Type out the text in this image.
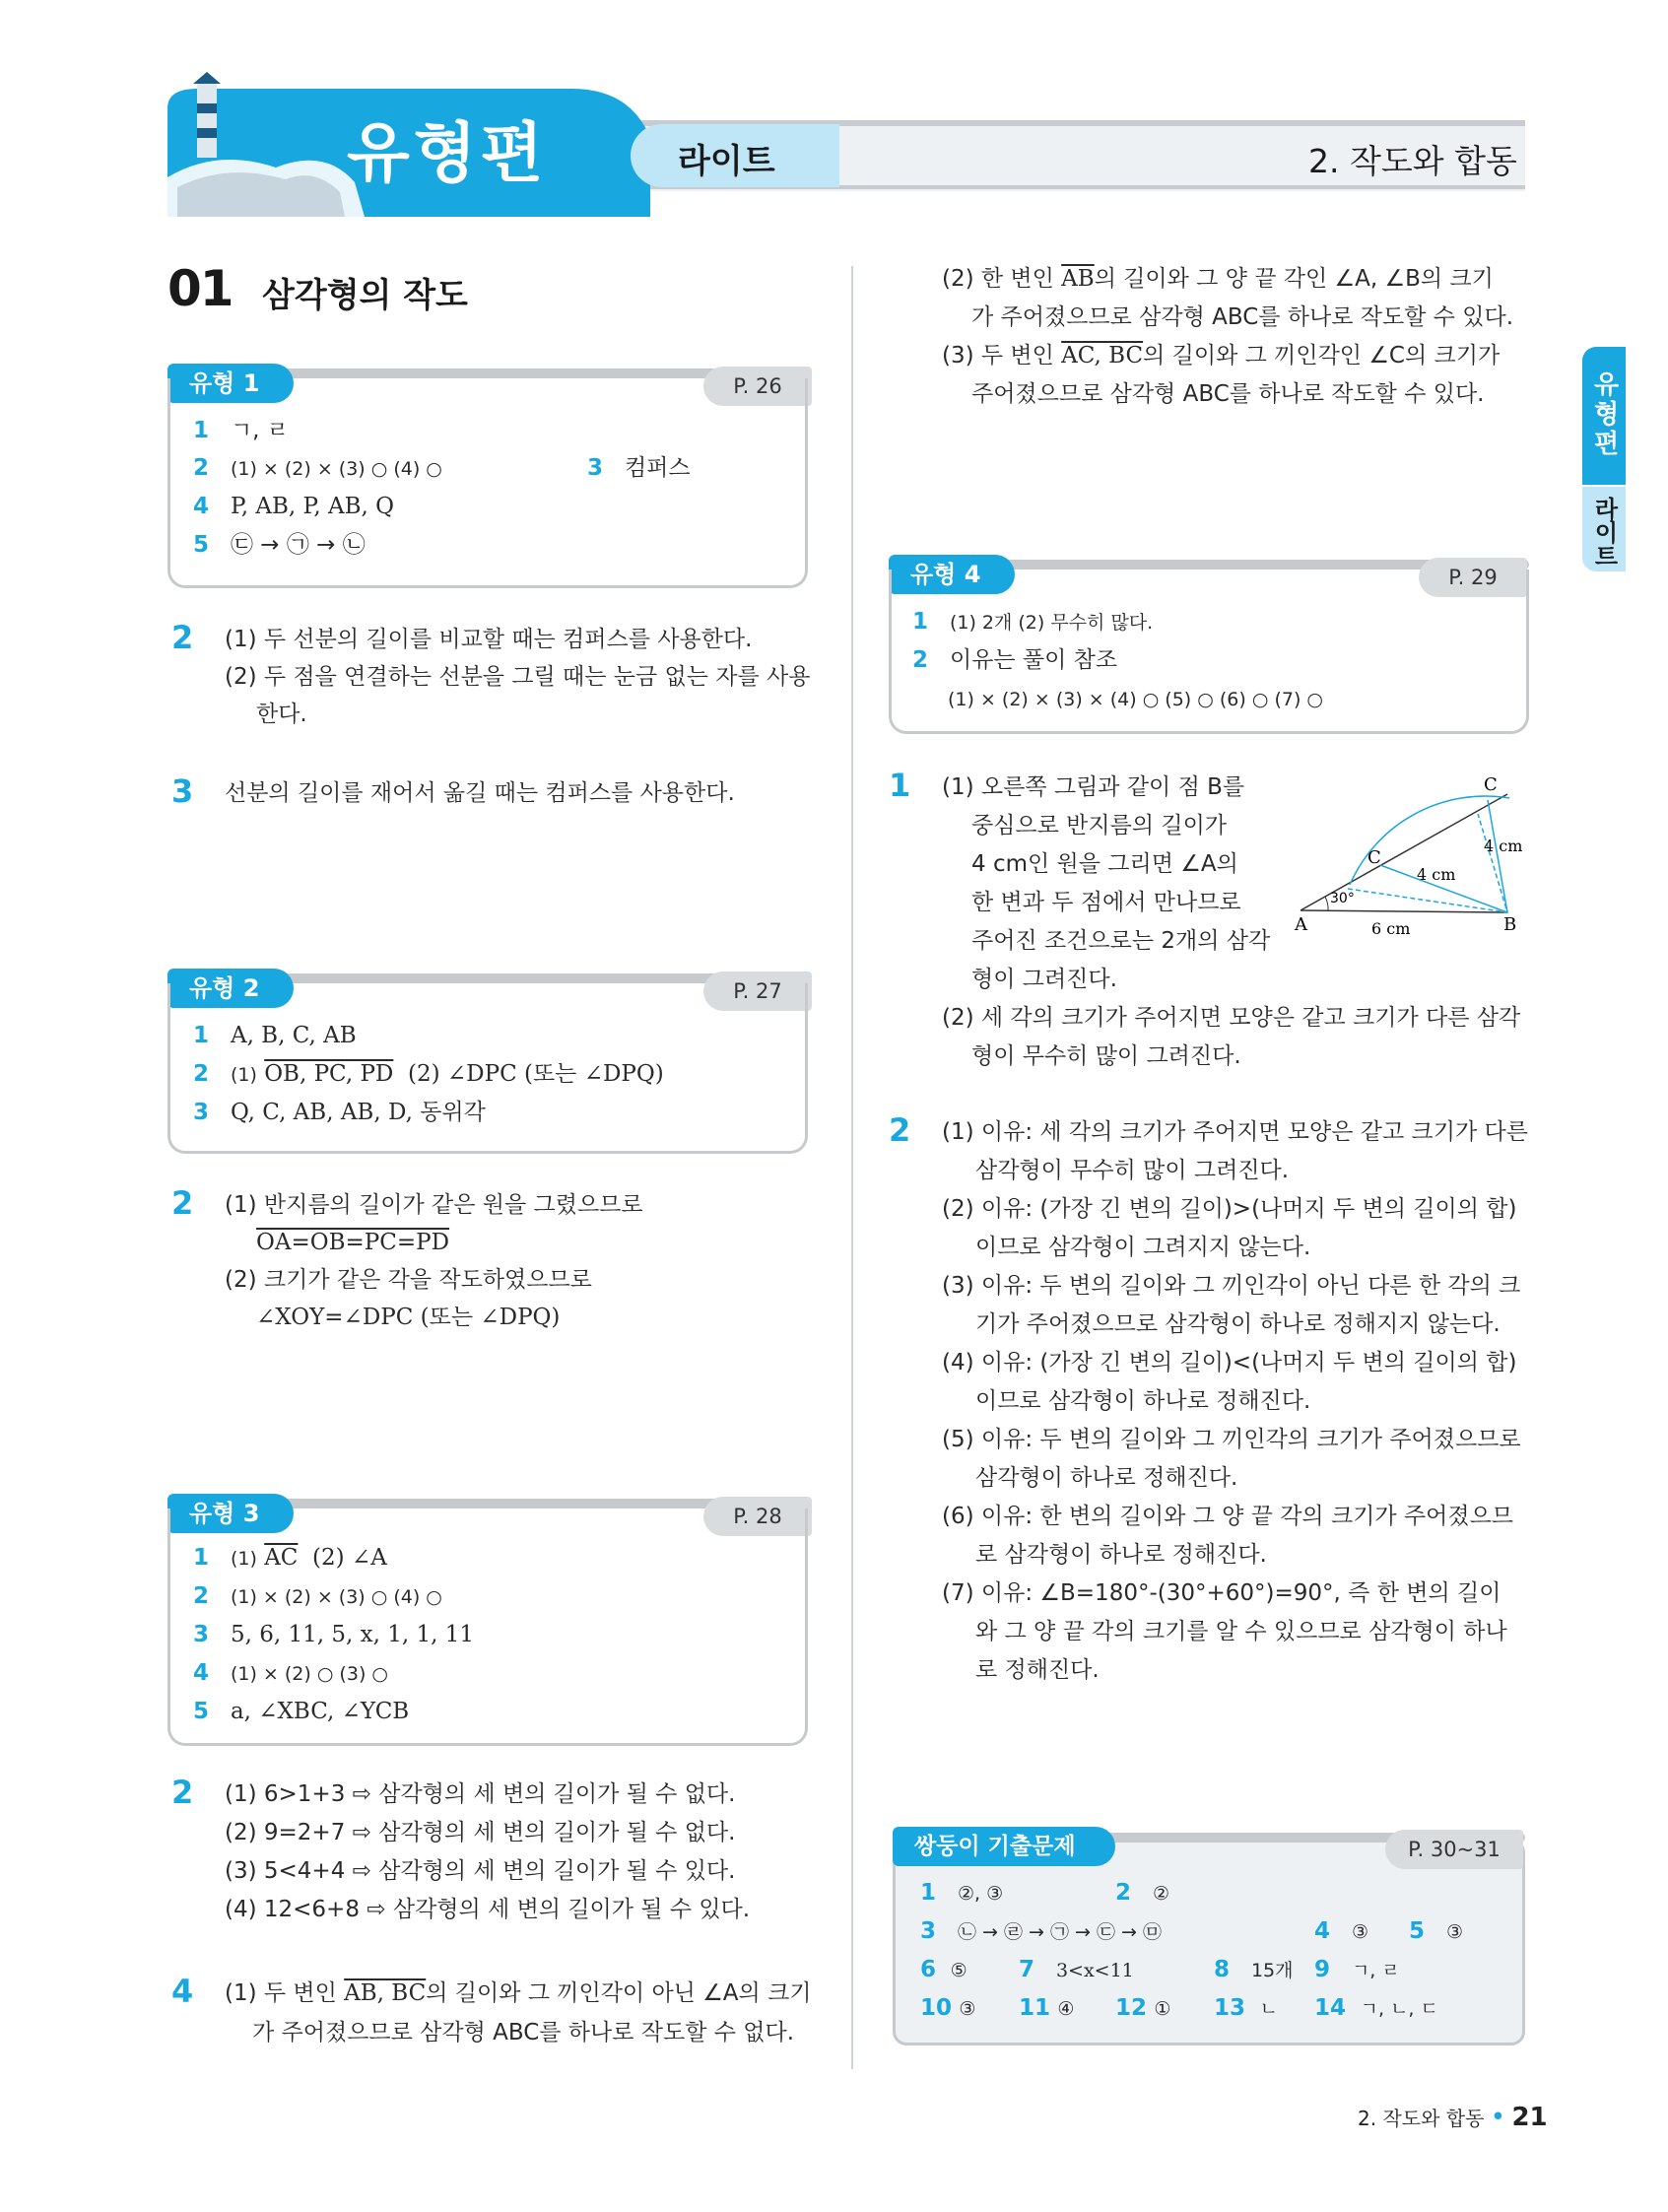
유형편	라이트	2. 작도와 합동
유형편
라이트
01 삼각형의 작도
유형 1	P. 26
1 ㄱ, ㄹ
2 (1) × (2) × (3) ○ (4) ○	3 컴퍼스
4 P, AB, P, AB, Q
5 ㉢ → ㉠ → ㉡
2 (1) 두 선분의 길이를 비교할 때는 컴퍼스를 사용한다.
(2) 두 점을 연결하는 선분을 그릴 때는 눈금 없는 자를 사용
한다.
3 선분의 길이를 재어서 옮길 때는 컴퍼스를 사용한다.
유형 2	P. 27
1 A, B, C, AB
2 (1) OB, PC, PD (2) ∠DPC (또는 ∠DPQ)
3 Q, C, AB, AB, D, 동위각
2 (1) 반지름의 길이가 같은 원을 그렸으므로
OA=OB=PC=PD
(2) 크기가 같은 각을 작도하였으므로
∠XOY=∠DPC (또는 ∠DPQ)
유형 3	P. 28
1 (1) $\overline{AC}$ (2) ∠A
2 (1) × (2) × (3) ○ (4) ○
3 5, 6, 11, 5, x, 1, 1, 11
4 (1) × (2) ○ (3) ○
5 a, ∠XBC, ∠YCB
2 (1) 6>1+3 ⇨ 삼각형의 세 변의 길이가 될 수 없다.
(2) 9=2+7 ⇨ 삼각형의 세 변의 길이가 될 수 없다.
(3) 5<4+4 ⇨ 삼각형의 세 변의 길이가 될 수 있다.
(4) 12<6+8 ⇨ 삼각형의 세 변의 길이가 될 수 있다.
4 (1) 두 변인 AB, BC의 길이와 그 끼인각이 아닌 ∠A의 크기
가 주어졌으므로 삼각형 ABC를 하나로 작도할 수 없다.
(2) 한 변인 $\overline{AB}$의 길이와 그 양 끝 각인 ∠A, ∠B의 크기
가 주어졌으므로 삼각형 ABC를 하나로 작도할 수 있다.
(3) 두 변인 AC, BC의 길이와 그 끼인각인 ∠C의 크기가
주어졌으므로 삼각형 ABC를 하나로 작도할 수 있다.
유형 4	P. 29
1 (1) 2개 (2) 무수히 많다.
2 이유는 풀이 참조
(1) × (2) × (3) × (4) ○ (5) ○ (6) ○ (7) ○
1 (1) 오른쪽 그림과 같이 점 B를
중심으로 반지름의 길이가
4 cm인 원을 그리면 ∠A의
한 변과 두 점에서 만나므로
주어진 조건으로는 2개의 삼각
형이 그려진다.
(2) 세 각의 크기가 주어지면 모양은 같고 크기가 다른 삼각
형이 무수히 많이 그려진다.
A	B
C
C
30°
6 cm
4 cm
4 cm
2 (1) 이유: 세 각의 크기가 주어지면 모양은 같고 크기가 다른
삼각형이 무수히 많이 그려진다.
(2) 이유: (가장 긴 변의 길이)>(나머지 두 변의 길이의 합)
이므로 삼각형이 그려지지 않는다.
(3) 이유: 두 변의 길이와 그 끼인각이 아닌 다른 한 각의 크
기가 주어졌으므로 삼각형이 하나로 정해지지 않는다.
(4) 이유: (가장 긴 변의 길이)<(나머지 두 변의 길이의 합)
이므로 삼각형이 하나로 정해진다.
(5) 이유: 두 변의 길이와 그 끼인각의 크기가 주어졌으므로
삼각형이 하나로 정해진다.
(6) 이유: 한 변의 길이와 그 양 끝 각의 크기가 주어졌으므
로 삼각형이 하나로 정해진다.
(7) 이유: ∠B=180°-(30°+60°)=90°, 즉 한 변의 길이
와 그 양 끝 각의 크기를 알 수 있으므로 삼각형이 하나
로 정해진다.
쌍둥이 기출문제	P. 30~31
1 ②, ③	2 ②
3 ㉡ → ㉣ → ㉠ → ㉢ → ㉤	4 ③ 5 ③
6 ⑤ 7 3<x<11	8 15개 9 ㄱ, ㄹ
10 ③ 11 ④ 12 ① 13 ㄴ 14 ㄱ, ㄴ, ㄷ
2. 작도와 합동 • 21
